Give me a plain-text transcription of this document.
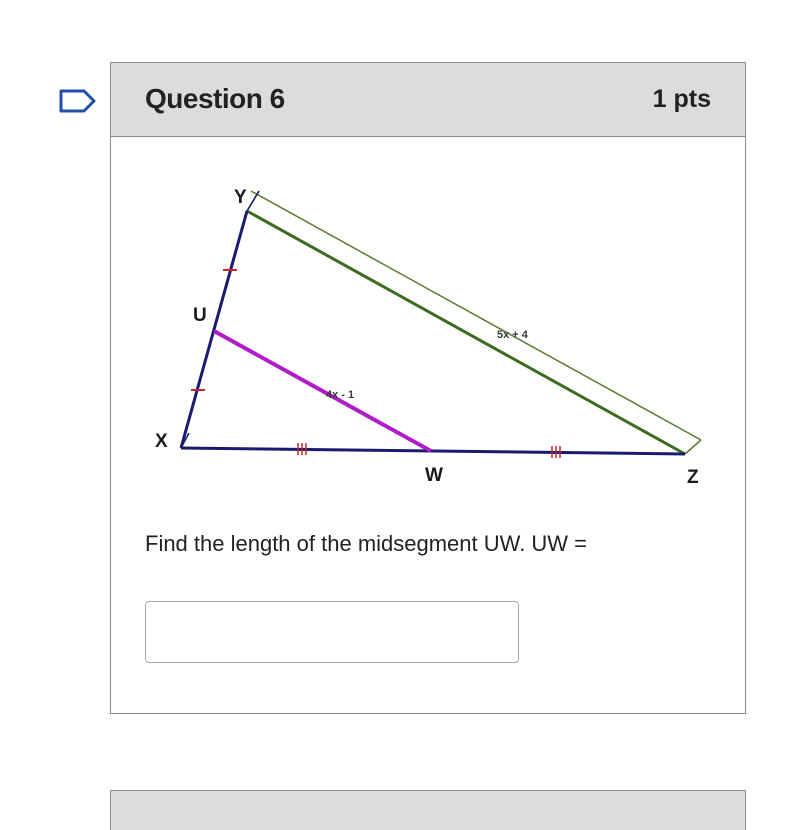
Question 6	1 pts
Y
U
X
W	Z
5x + 4
4x - 1
Find the length of the midsegment UW. UW =
